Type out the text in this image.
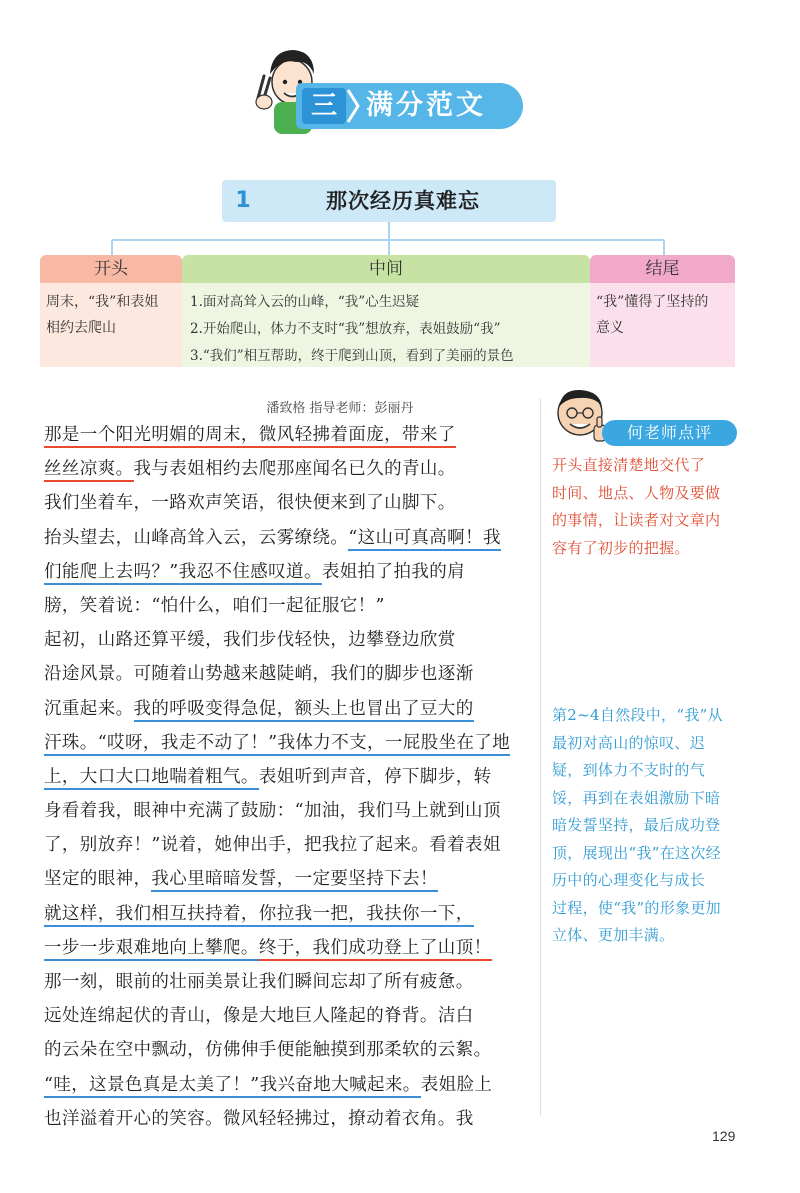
三	满分范文
1	那次经历真难忘
开头
周末，“我”和表姐
相约去爬山
中间
1.面对高耸入云的山峰，“我”心生迟疑
2.开始爬山，体力不支时“我”想放弃，表姐鼓励“我”
3.“我们”相互帮助，终于爬到山顶，看到了美丽的景色
结尾
“我”懂得了坚持的
意义
潘致格 指导老师：彭丽丹
那是一个阳光明媚的周末，微风轻拂着面庞，带来了
丝丝凉爽。我与表姐相约去爬那座闻名已久的青山。
我们坐着车，一路欢声笑语，很快便来到了山脚下。
抬头望去，山峰高耸入云，云雾缭绕。“这山可真高啊！我
们能爬上去吗？”我忍不住感叹道。表姐拍了拍我的肩
膀，笑着说：“怕什么，咱们一起征服它！”
起初，山路还算平缓，我们步伐轻快，边攀登边欣赏
沿途风景。可随着山势越来越陡峭，我们的脚步也逐渐
沉重起来。我的呼吸变得急促，额头上也冒出了豆大的
汗珠。“哎呀，我走不动了！”我体力不支，一屁股坐在了地
上，大口大口地喘着粗气。表姐听到声音，停下脚步，转
身看着我，眼神中充满了鼓励：“加油，我们马上就到山顶
了，别放弃！”说着，她伸出手，把我拉了起来。看着表姐
坚定的眼神，我心里暗暗发誓，一定要坚持下去！
就这样，我们相互扶持着，你拉我一把，我扶你一下，
一步一步艰难地向上攀爬。终于，我们成功登上了山顶！
那一刻，眼前的壮丽美景让我们瞬间忘却了所有疲惫。
远处连绵起伏的青山，像是大地巨人隆起的脊背。洁白
的云朵在空中飘动，仿佛伸手便能触摸到那柔软的云絮。
“哇，这景色真是太美了！”我兴奋地大喊起来。表姐脸上
也洋溢着开心的笑容。微风轻轻拂过，撩动着衣角。我
何老师点评
开头直接清楚地交代了
时间、地点、人物及要做
的事情，让读者对文章内
容有了初步的把握。
第2~4自然段中，“我”从
最初对高山的惊叹、迟
疑，到体力不支时的气
馁，再到在表姐激励下暗
暗发誓坚持，最后成功登
顶，展现出“我”在这次经
历中的心理变化与成长
过程，使“我”的形象更加
立体、更加丰满。
129
